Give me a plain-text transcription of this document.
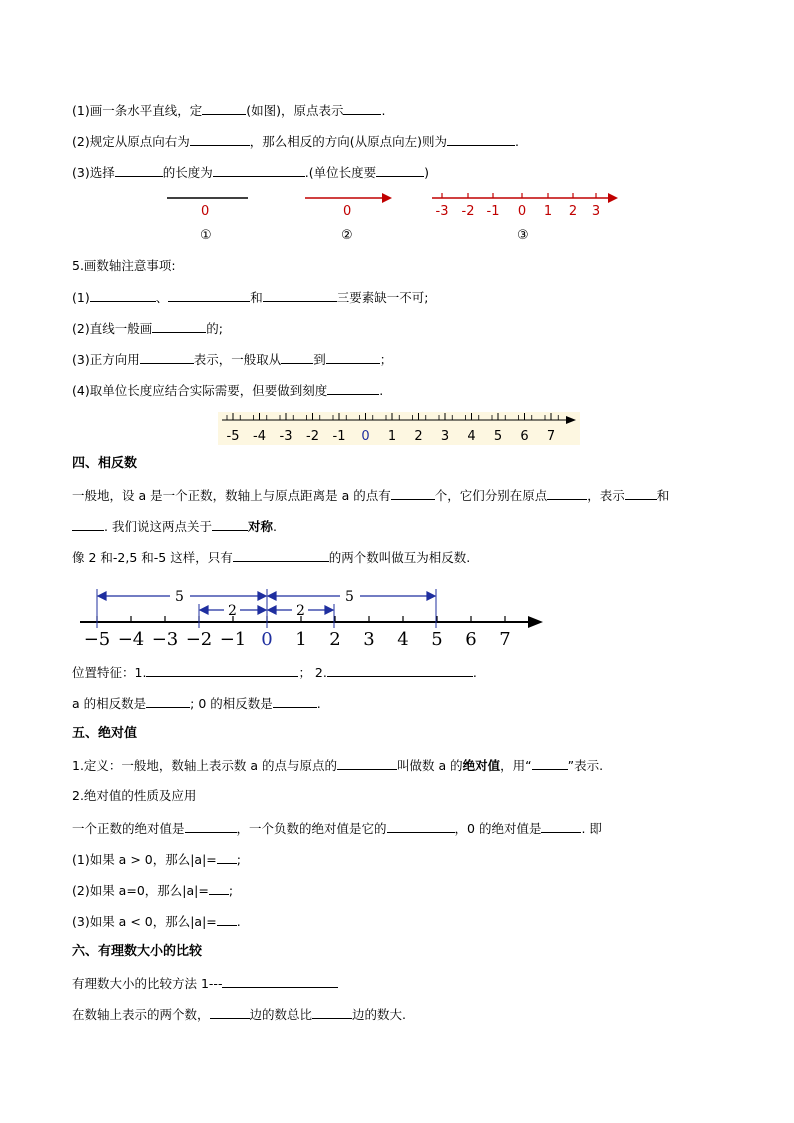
(1)画一条水平直线，定	(如图)，原点表示	.
(2)规定从原点向右为	，那么相反的方向(从原点向左)则为	.
(3)选择	的长度为	.(单位长度要	)
0	0	-3 -2 -1 0 1 2 3
①	②	③
5.画数轴注意事项:
(1)	、	和	三要素缺一不可;
(2)直线一般画	的;
(3)正方向用	表示，一般取从	到	；
(4)取单位长度应结合实际需要，但要做到刻度	.
-5 -4 -3 -2 -1 0 1 2 3 4 5 6 7
四、相反数
一般地，设 a 是一个正数，数轴上与原点距离是 a 的点有	个，它们分别在原点	，表示	和
. 我们说这两点关于	对称.
像 2 和-2,5 和-5 这样，只有	的两个数叫做互为相反数.
−5 −4 −3 −2 −1 0 1 2 3 4 5 6 7
5	5
2	2
位置特征：1.	； 2.	.
a 的相反数是	; 0 的相反数是	.
五、绝对值
1.定义：一般地，数轴上表示数 a 的点与原点的	叫做数 a 的绝对值，用“	”表示.
2.绝对值的性质及应用
一个正数的绝对值是	，一个负数的绝对值是它的	，0 的绝对值是	. 即
(1)如果 a > 0，那么|a|= ;
(2)如果 a=0，那么|a|= ;
(3)如果 a < 0，那么|a|= .
六、有理数大小的比较
有理数大小的比较方法 1---
在数轴上表示的两个数，	边的数总比	边的数大.
